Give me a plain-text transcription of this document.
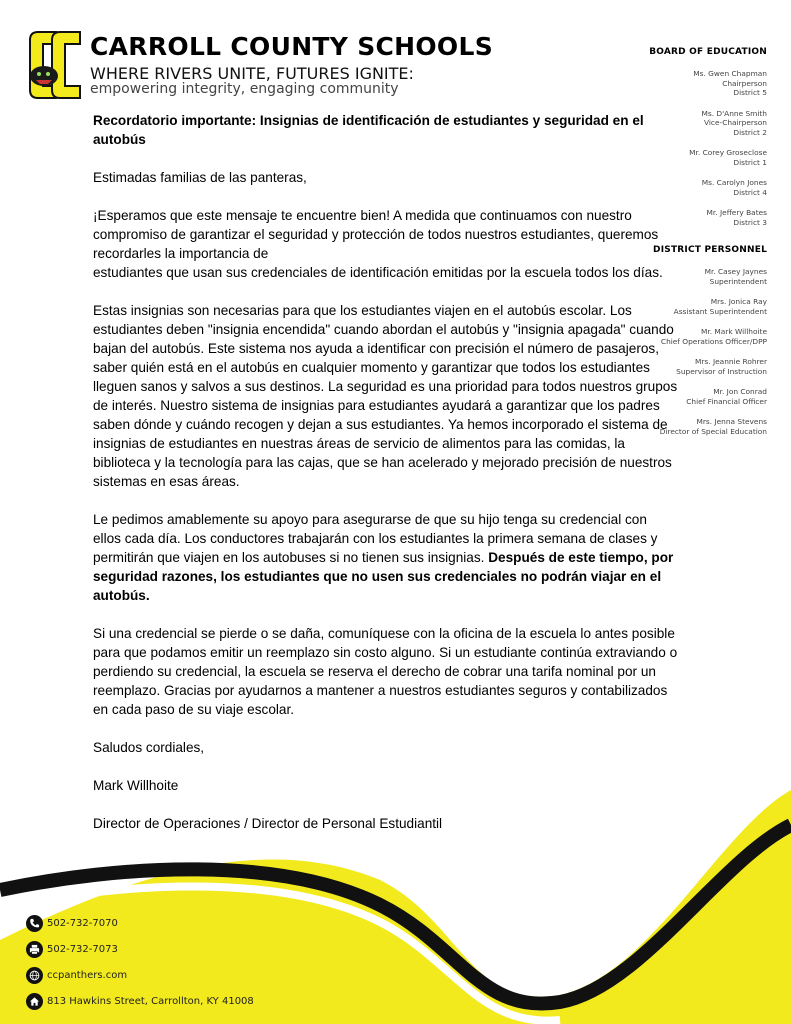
CARROLL COUNTY SCHOOLS
WHERE RIVERS UNITE, FUTURES IGNITE:
empowering integrity, engaging community
BOARD OF EDUCATION
Ms. Gwen Chapman
Chairperson
District 5
Ms. D'Anne Smith
Vice-Chairperson
District 2
Mr. Corey Groseclose
District 1
Ms. Carolyn Jones
District 4
Mr. Jeffery Bates
District 3
DISTRICT PERSONNEL
Mr. Casey Jaynes
Superintendent
Mrs. Jonica Ray
Assistant Superintendent
Mr. Mark Willhoite
Chief Operations Officer/DPP
Mrs. Jeannie Rohrer
Supervisor of Instruction
Mr. Jon Conrad
Chief Financial Officer
Mrs. Jenna Stevens
Director of Special Education

Recordatorio importante: Insignias de identificación de estudiantes y seguridad en el autobús

Estimadas familias de las panteras,

¡Esperamos que este mensaje te encuentre bien! A medida que continuamos con nuestro compromiso de garantizar el seguridad y protección de todos nuestros estudiantes, queremos recordarles la importancia de
estudiantes que usan sus credenciales de identificación emitidas por la escuela todos los días.

Estas insignias son necesarias para que los estudiantes viajen en el autobús escolar. Los estudiantes deben "insignia encendida" cuando abordan el autobús y "insignia apagada" cuando bajan del autobús. Este sistema nos ayuda a identificar con precisión el número de pasajeros, saber quién está en el autobús en cualquier momento y garantizar que todos los estudiantes lleguen sanos y salvos a sus destinos. La seguridad es una prioridad para todos nuestros grupos de interés. Nuestro sistema de insignias para estudiantes ayudará a garantizar que los padres saben dónde y cuándo recogen y dejan a sus estudiantes. Ya hemos incorporado el sistema de insignias de estudiantes en nuestras áreas de servicio de alimentos para las comidas, la biblioteca y la tecnología para las cajas, que se han acelerado y mejorado precisión de nuestros sistemas en esas áreas.

Le pedimos amablemente su apoyo para asegurarse de que su hijo tenga su credencial con ellos cada día. Los conductores trabajarán con los estudiantes la primera semana de clases y permitirán que viajen en los autobuses si no tienen sus insignias. Después de este tiempo, por seguridad razones, los estudiantes que no usen sus credenciales no podrán viajar en el autobús.

Si una credencial se pierde o se daña, comuníquese con la oficina de la escuela lo antes posible para que podamos emitir un reemplazo sin costo alguno. Si un estudiante continúa extraviando o perdiendo su credencial, la escuela se reserva el derecho de cobrar una tarifa nominal por un reemplazo. Gracias por ayudarnos a mantener a nuestros estudiantes seguros y contabilizados en cada paso de su viaje escolar.

Saludos cordiales,

Mark Willhoite

Director de Operaciones / Director de Personal Estudiantil

502-732-7070
502-732-7073
ccpanthers.com
813 Hawkins Street, Carrollton, KY 41008
